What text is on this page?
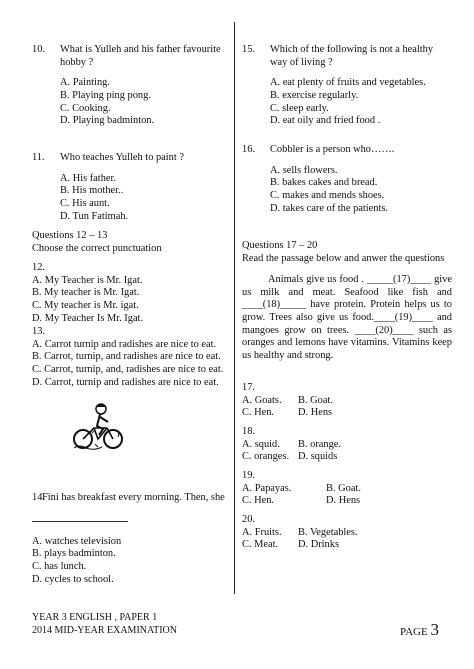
10.	What is Yulleh and his father favourite hobby ?
A. Painting.
B. Playing ping pong.
C. Cooking.
D. Playing badminton.
11.	Who teaches Yulleh to paint ?
A. His father.
B. His mother..
C. His aunt.
D. Tun Fatimah.
Questions 12 – 13
Choose the correct punctuation
12.
A. My Teacher is Mr. Igat.
B. My teacher is Mr. Igat.
C. My teacher is Mr. igat.
D. My Teacher Is Mr. Igat.
13.
A. Carrot turnip and radishes are nice to eat.
B. Carrot, turnip, and radishes are nice to eat.
C. Carrot, turnip, and, radishes are nice to eat.
D. Carrot, turnip and radishes are nice to eat.
14.
Fini has breakfast every morning. Then, she
A. watches television
B. plays badminton.
C. has lunch.
D. cycles to school.
15.	Which of the following is not a healthy way of living ?
A. eat plenty of fruits and vegetables.
B. exercise regularly.
C. sleep early.
D. eat oily and fried food .
16.	Cobbler is a person who…….
A. sells flowers.
B. bakes cakes and bread.
C. makes and mends shoes.
D. takes care of the patients.
Questions 17 – 20
Read the passage below and anwer the questions
Animals give us food . _____(17)____ give us milk and meat. Seafood like fish and ____(18)_____ have protein. Protein helps us to grow. Trees also give us food.____(19)____ and mangoes grow on trees. ____(20)____ such as oranges and lemons have vitamins. Vitamins keep us healthy and strong.
17.
A. Goats.	B. Goat.
C. Hen.	D. Hens
18.
A. squid.	B. orange.
C. oranges. D. squids
19.
A. Papayas.	B. Goat.
C. Hen.	D. Hens
20.
A. Fruits.	B. Vegetables.
C. Meat.	D. Drinks
YEAR 3 ENGLISH , PAPER 1
2014 MID-YEAR EXAMINATION	PAGE 3
